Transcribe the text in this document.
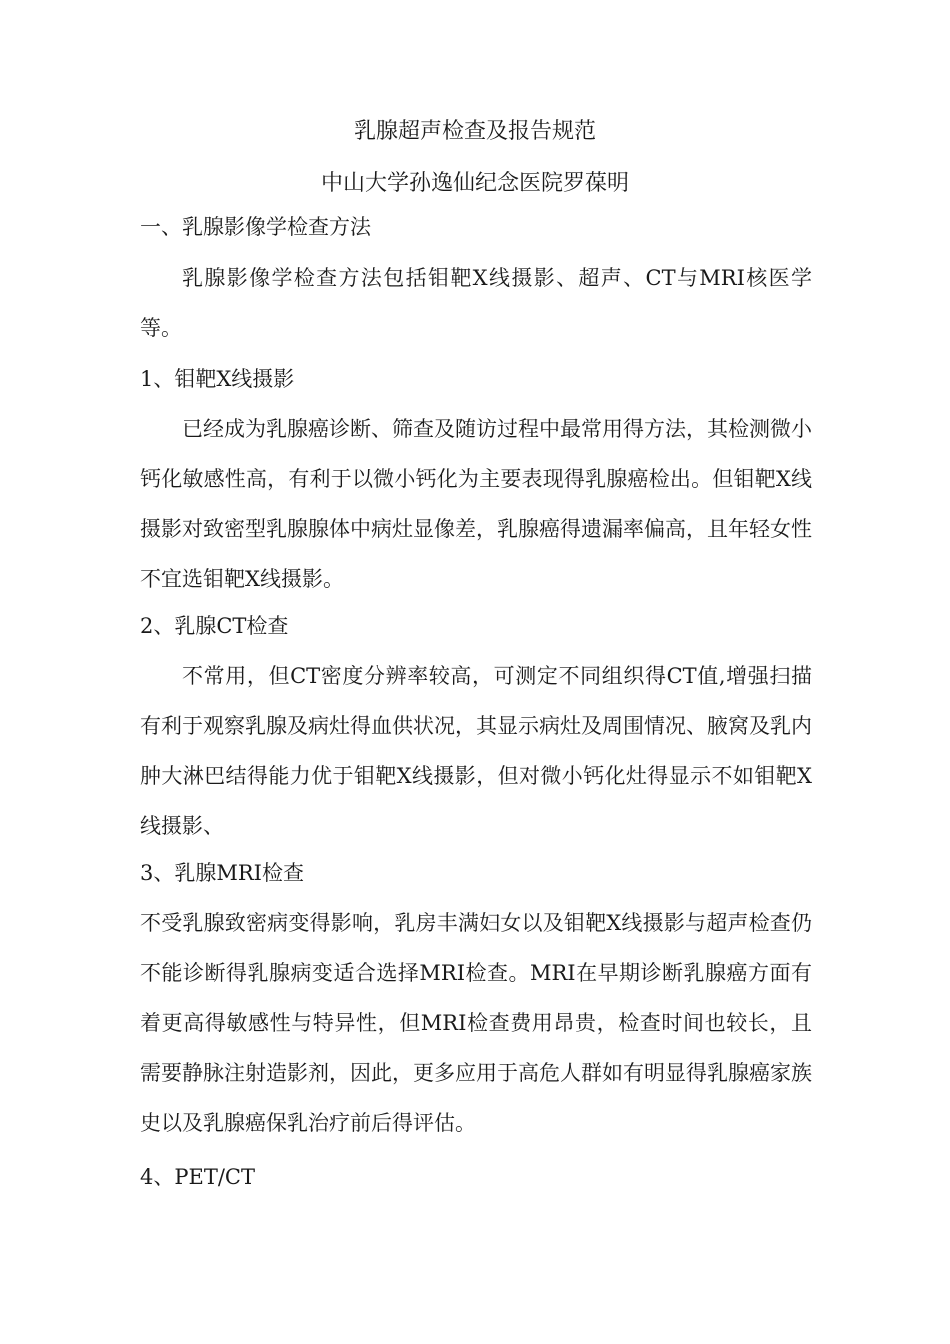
乳腺超声检查及报告规范
中山大学孙逸仙纪念医院罗葆明
一、乳腺影像学检查方法
乳腺影像学检查方法包括钼靶X线摄影、超声、CT与MRI核医学等。
1、钼靶X线摄影
已经成为乳腺癌诊断、筛查及随访过程中最常用得方法，其检测微小钙化敏感性高，有利于以微小钙化为主要表现得乳腺癌检出。但钼靶X线摄影对致密型乳腺腺体中病灶显像差，乳腺癌得遗漏率偏高，且年轻女性不宜选钼靶X线摄影。
2、乳腺CT检查
不常用，但CT密度分辨率较高，可测定不同组织得CT值,增强扫描有利于观察乳腺及病灶得血供状况，其显示病灶及周围情况、腋窝及乳内肿大淋巴结得能力优于钼靶X线摄影，但对微小钙化灶得显示不如钼靶X线摄影、
3、乳腺MRI检查
不受乳腺致密病变得影响，乳房丰满妇女以及钼靶X线摄影与超声检查仍不能诊断得乳腺病变适合选择MRI检查。MRI在早期诊断乳腺癌方面有着更高得敏感性与特异性，但MRI检查费用昂贵，检查时间也较长，且需要静脉注射造影剂，因此，更多应用于高危人群如有明显得乳腺癌家族史以及乳腺癌保乳治疗前后得评估。
4、PET/CT
